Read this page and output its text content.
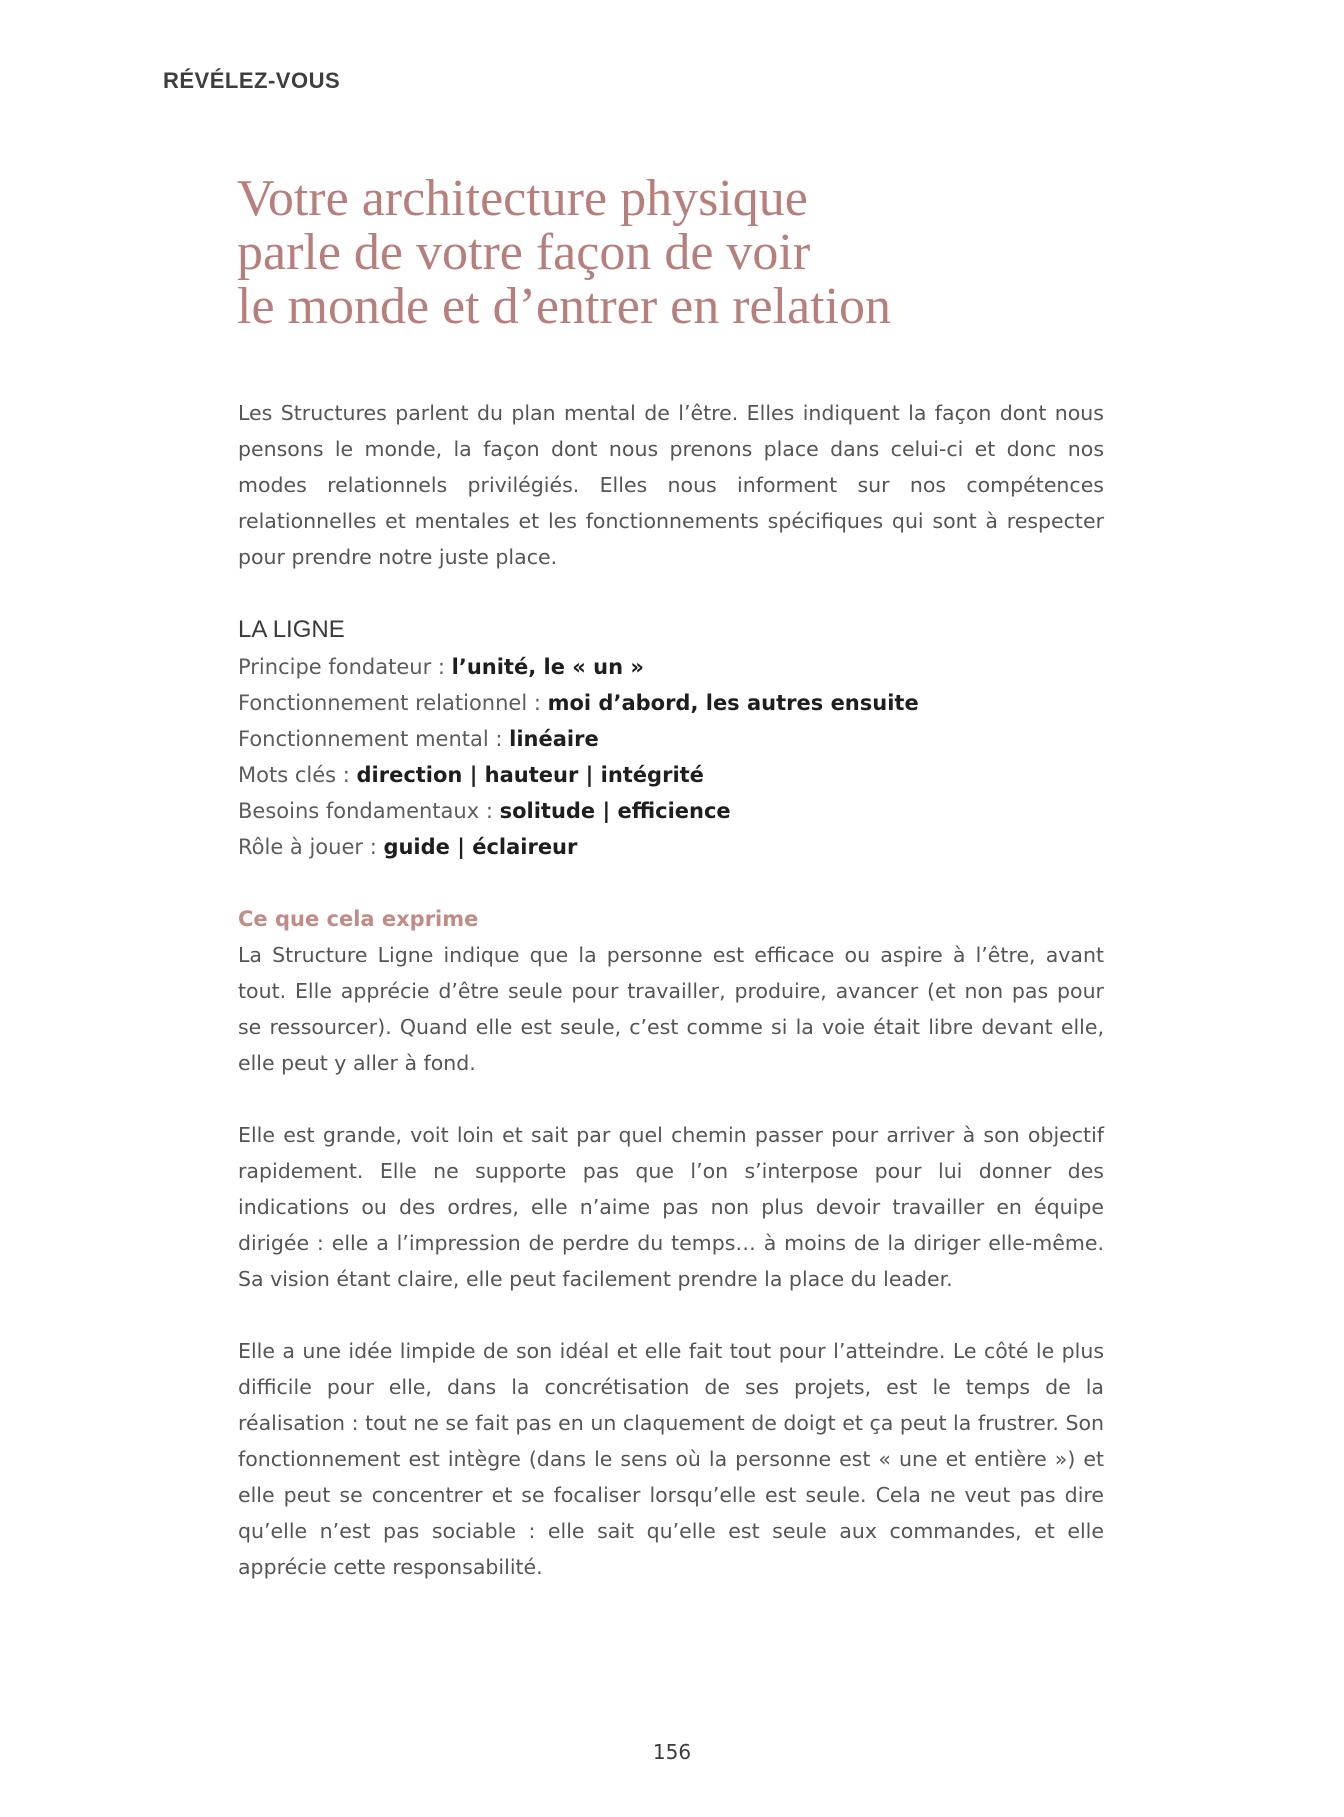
RÉVÉLEZ-VOUS
Votre architecture physique
parle de votre façon de voir
le monde et d’entrer en relation

Les Structures parlent du plan mental de l’être. Elles indiquent la façon dont nous pensons le monde, la façon dont nous prenons place dans celui-ci et donc nos modes relationnels privilégiés. Elles nous informent sur nos compétences relationnelles et mentales et les fonctionnements spécifiques qui sont à respecter pour prendre notre juste place.

LA LIGNE
Principe fondateur : l’unité, le « un »
Fonctionnement relationnel : moi d’abord, les autres ensuite
Fonctionnement mental : linéaire
Mots clés : direction | hauteur | intégrité
Besoins fondamentaux : solitude | efficience
Rôle à jouer : guide | éclaireur
Ce que cela exprime

La Structure Ligne indique que la personne est efficace ou aspire à l’être, avant tout. Elle apprécie d’être seule pour travailler, produire, avancer (et non pas pour se ressourcer). Quand elle est seule, c’est comme si la voie était libre devant elle, elle peut y aller à fond.

Elle est grande, voit loin et sait par quel chemin passer pour arriver à son objectif rapidement. Elle ne supporte pas que l’on s’interpose pour lui donner des indications ou des ordres, elle n’aime pas non plus devoir travailler en équipe dirigée : elle a l’impression de perdre du temps… à moins de la diriger elle-même. Sa vision étant claire, elle peut facilement prendre la place du leader.

Elle a une idée limpide de son idéal et elle fait tout pour l’atteindre. Le côté le plus difficile pour elle, dans la concrétisation de ses projets, est le temps de la réalisation : tout ne se fait pas en un claquement de doigt et ça peut la frustrer. Son fonctionnement est intègre (dans le sens où la personne est « une et entière ») et elle peut se concentrer et se focaliser lorsqu’elle est seule. Cela ne veut pas dire qu’elle n’est pas sociable : elle sait qu’elle est seule aux commandes, et elle apprécie cette responsabilité.

156
